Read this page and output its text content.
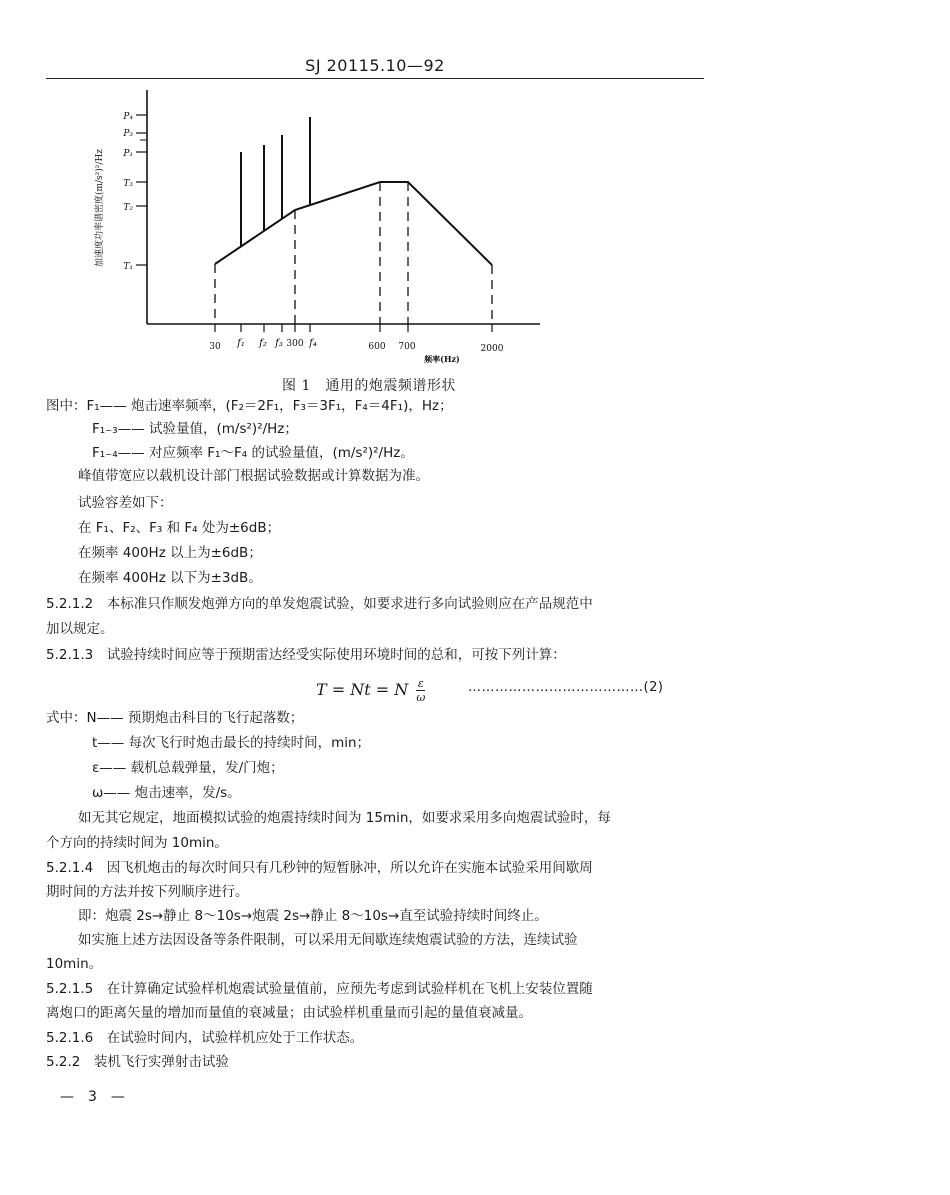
SJ 20115.10—92
加速度功率谱密度(m/s²)²/Hz
P₄
P₃
P₁
P₂
T₃
T₂
T₁
30 f₁ f₂ f₃ 300 f₄	600 700	2000
频率(Hz)
图 1　通用的炮震频谱形状
图中：F₁—— 炮击速率频率，(F₂＝2F₁，F₃＝3F₁，F₄＝4F₁)，Hz；
F₁₋₃—— 试验量值，(m/s²)²/Hz；
F₁₋₄—— 对应频率 F₁～F₄ 的试验量值，(m/s²)²/Hz。
峰值带宽应以载机设计部门根据试验数据或计算数据为准。
试验容差如下：
在 F₁、F₂、F₃ 和 F₄ 处为±6dB；
在频率 400Hz 以上为±6dB；
在频率 400Hz 以下为±3dB。
5.2.1.2　本标准只作顺发炮弹方向的单发炮震试验，如要求进行多向试验则应在产品规范中
加以规定。
5.2.1.3　试验持续时间应等于预期雷达经受实际使用环境时间的总和，可按下列计算：
T = Nt = N $\frac{\varepsilon}{\omega}$	…………………………………(2)
式中：N—— 预期炮击科目的飞行起落数；
t—— 每次飞行时炮击最长的持续时间，min；
ε—— 载机总载弹量，发/门炮；
ω—— 炮击速率，发/s。
如无其它规定，地面模拟试验的炮震持续时间为 15min，如要求采用多向炮震试验时，每
个方向的持续时间为 10min。
5.2.1.4　因飞机炮击的每次时间只有几秒钟的短暂脉冲，所以允许在实施本试验采用间歇周
期时间的方法并按下列顺序进行。
即：炮震 2s→静止 8～10s→炮震 2s→静止 8～10s→直至试验持续时间终止。
如实施上述方法因设备等条件限制，可以采用无间歇连续炮震试验的方法，连续试验
10min。
5.2.1.5　在计算确定试验样机炮震试验量值前，应预先考虑到试验样机在飞机上安装位置随
离炮口的距离矢量的增加而量值的衰减量；由试验样机重量而引起的量值衰减量。
5.2.1.6　在试验时间内，试验样机应处于工作状态。
5.2.2　装机飞行实弹射击试验
—　3　—
